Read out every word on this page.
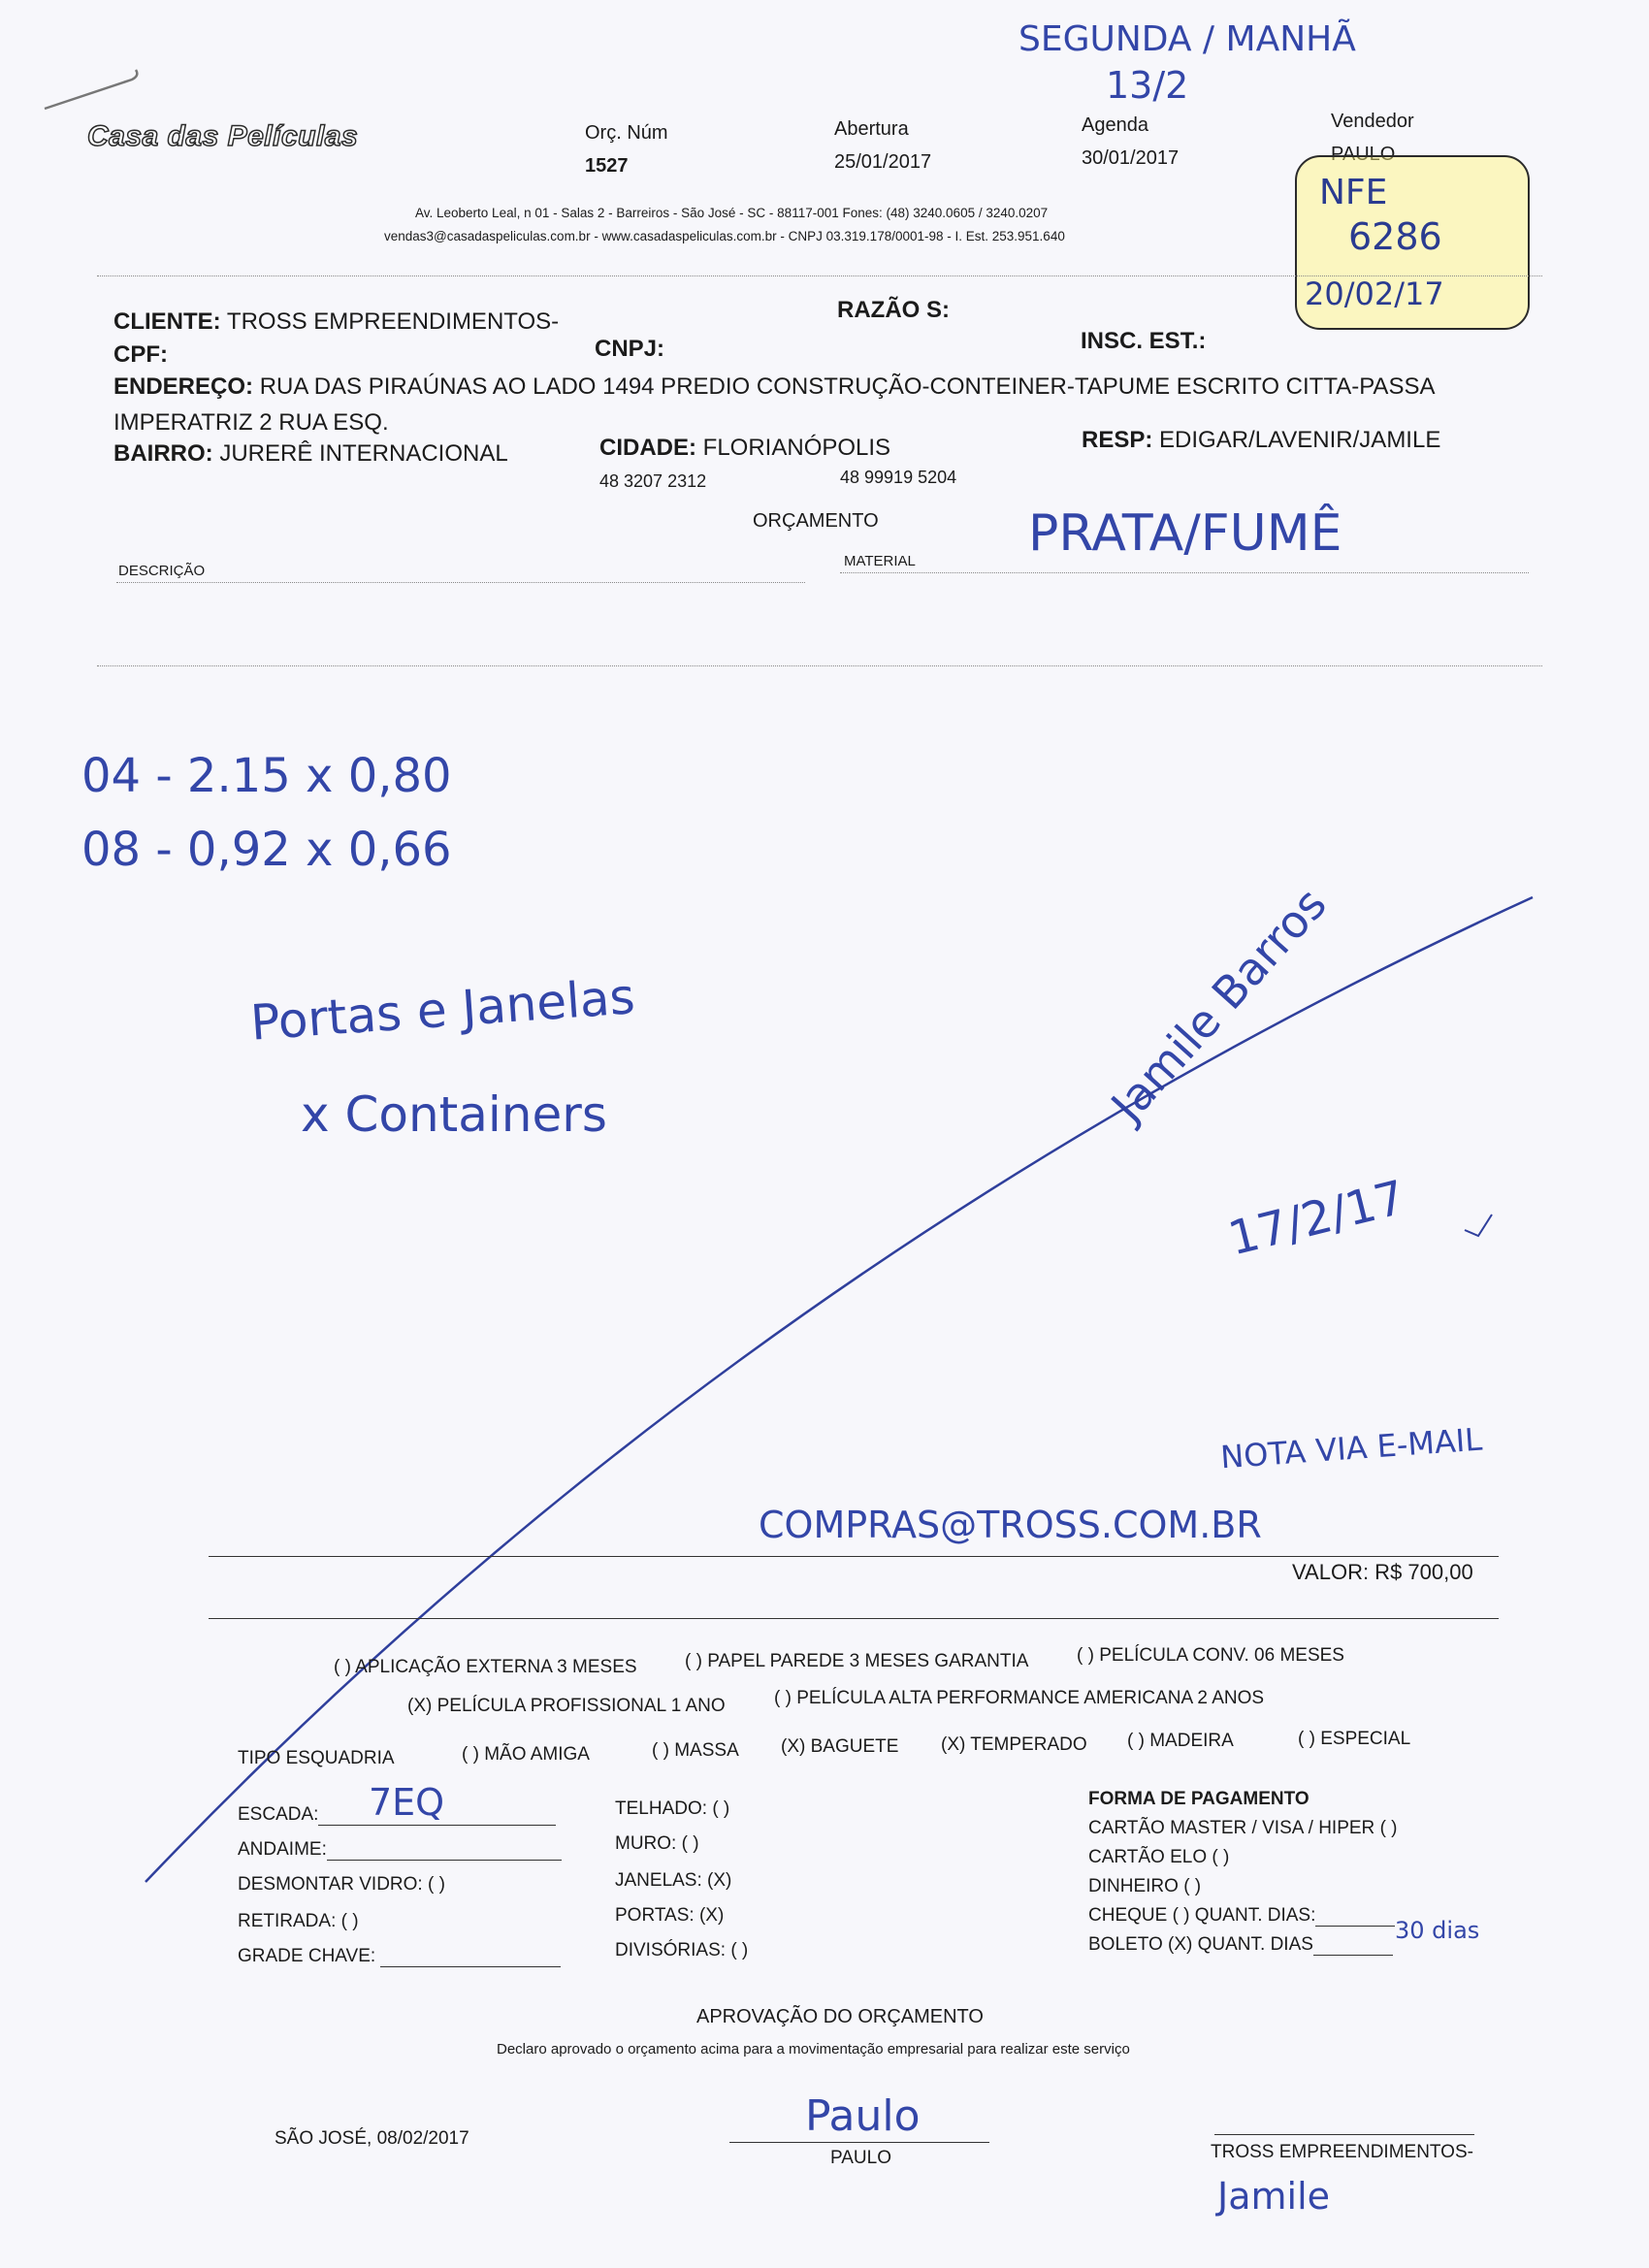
Casa das Películas	Orç. Núm
1527
Abertura
25/01/2017
Agenda
30/01/2017
Vendedor
PAULO
Av. Leoberto Leal, n 01 - Salas 2 - Barreiros - São José - SC - 88117-001 Fones: (48) 3240.0605 / 3240.0207
vendas3@casadaspeliculas.com.br - www.casadaspeliculas.com.br - CNPJ 03.319.178/0001-98 - I. Est. 253.951.640
SEGUNDA / MANHÃ
13/2
NFE
6286
20/02/17
CLIENTE: TROSS EMPREENDIMENTOS-	RAZÃO S:
CPF:	CNPJ:	INSC. EST.:
ENDEREÇO: RUA DAS PIRAÚNAS AO LADO 1494 PREDIO CONSTRUÇÃO-CONTEINER-TAPUME ESCRITO CITTA-PASSA
IMPERATRIZ 2 RUA ESQ.
BAIRRO: JURERÊ INTERNACIONAL	CIDADE: FLORIANÓPOLIS	RESP: EDIGAR/LAVENIR/JAMILE
48 3207 2312	48 99919 5204
ORÇAMENTO
DESCRIÇÃO
MATERIAL PRATA/FUMÊ
04 - 2.15 x 0,80
08 - 0,92 x 0,66
Portas e Janelas
x Containers	Jamile Barros
17/2/17
NOTA VIA E-MAIL
COMPRAS@TROSS.COM.BR
VALOR: R$ 700,00
( ) APLICAÇÃO EXTERNA 3 MESES	( ) PAPEL PAREDE 3 MESES GARANTIA	( ) PELÍCULA CONV. 06 MESES
(X) PELÍCULA PROFISSIONAL 1 ANO	( ) PELÍCULA ALTA PERFORMANCE AMERICANA 2 ANOS
TIPO ESQUADRIA	( ) MÃO AMIGA	( ) MASSA (X) BAGUETE (X) TEMPERADO ( ) MADEIRA	( ) ESPECIAL
ESCADA:	7EQ
ANDAIME:
DESMONTAR VIDRO: ( )
RETIRADA: ( )
GRADE CHAVE:
TELHADO: ( )
MURO: ( )
JANELAS: (X)
PORTAS: (X)
DIVISÓRIAS: ( )
FORMA DE PAGAMENTO
CARTÃO MASTER / VISA / HIPER ( )
CARTÃO ELO ( )
DINHEIRO ( )
CHEQUE ( ) QUANT. DIAS:
BOLETO (X) QUANT. DIAS
30 dias
APROVAÇÃO DO ORÇAMENTO
Declaro aprovado o orçamento acima para a movimentação empresarial para realizar este serviço
SÃO JOSÉ, 08/02/2017
PAULO
Paulo
TROSS EMPREENDIMENTOS-
Jamile
